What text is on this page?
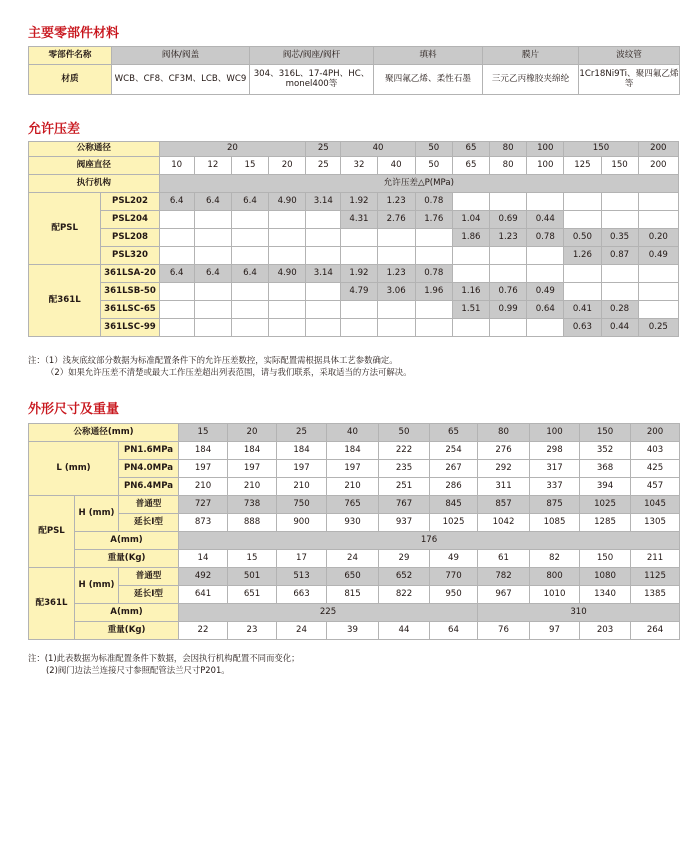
主要零部件材料
零部件名称	阀体/阀盖	阀芯/阀座/阀杆	填料	膜片	波纹管
材质	WCB、CF8、CF3M、LCB、WC9	304、316L、17-4PH、HC、monel400等	聚四氟乙烯、柔性石墨	三元乙丙橡胶夹绵纶	1Cr18Ni9Ti、聚四氟乙烯等
允许压差
公称通径		20				25	40		50	65	80	100	150		200
阀座直径		10	12	15	20	25	32	40	50	65	80	100	125	150	200
执行机构		允许压差△P(MPa)													
配PSL	PSL202	6.4	6.4	6.4	4.90	3.14	1.92	1.23	0.78						
	PSL204						4.31	2.76	1.76	1.04	0.69	0.44			
	PSL208									1.86	1.23	0.78	0.50	0.35	0.20
	PSL320												1.26	0.87	0.49
配361L	361LSA-20	6.4	6.4	6.4	4.90	3.14	1.92	1.23	0.78						
	361LSB-50						4.79	3.06	1.96	1.16	0.76	0.49			
	361LSC-65									1.51	0.99	0.64	0.41	0.28	
	361LSC-99												0.63	0.44	0.25
注：（1）浅灰底纹部分数据为标准配置条件下的允许压差数控，实际配置需根据具体工艺参数确定。
（2）如果允许压差不清楚或最大工作压差超出列表范围，请与我们联系，采取适当的方法可解决。
外形尺寸及重量
公称通径(mm)			15	20	25	40	50	65	80	100	150	200
L (mm)		PN1.6MPa	184	184	184	184	222	254	276	298	352	403
		PN4.0MPa	197	197	197	197	235	267	292	317	368	425
		PN6.4MPa	210	210	210	210	251	286	311	337	394	457
配PSL	H (mm)	普通型	727	738	750	765	767	845	857	875	1025	1045
		延长I型	873	888	900	930	937	1025	1042	1085	1285	1305
	A(mm)		176									
	重量(Kg)		14	15	17	24	29	49	61	82	150	211
配361L	H (mm)	普通型	492	501	513	650	652	770	782	800	1080	1125
		延长I型	641	651	663	815	822	950	967	1010	1340	1385
	A(mm)		225						310			
	重量(Kg)		22	23	24	39	44	64	76	97	203	264
注：(1)此表数据为标准配置条件下数据，会因执行机构配置不同而变化；
(2)阀门边法兰连接尺寸参照配管法兰尺寸P201。
